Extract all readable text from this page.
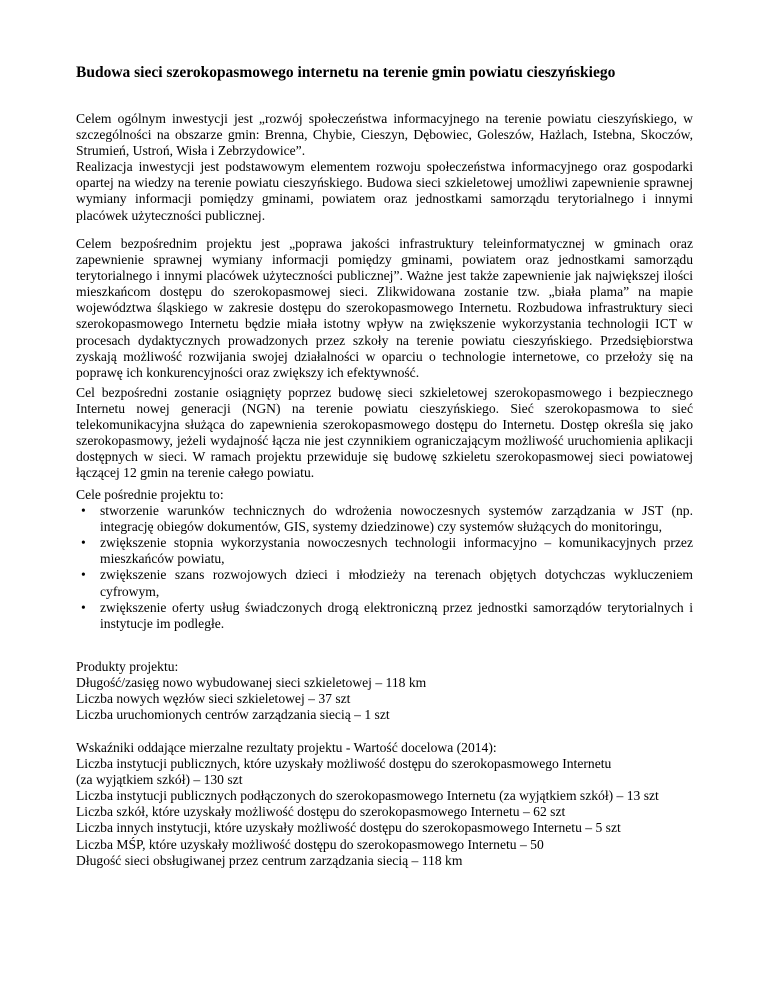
Budowa sieci szerokopasmowego internetu na terenie gmin powiatu cieszyńskiego

Celem ogólnym inwestycji jest „rozwój społeczeństwa informacyjnego na terenie powiatu cieszyńskiego, w szczególności na obszarze gmin: Brenna, Chybie, Cieszyn, Dębowiec, Goleszów, Hażlach, Istebna, Skoczów, Strumień, Ustroń, Wisła i Zebrzydowice”.

Realizacja inwestycji jest podstawowym elementem rozwoju społeczeństwa informacyjnego oraz gospodarki opartej na wiedzy na terenie powiatu cieszyńskiego. Budowa sieci szkieletowej umożliwi zapewnienie sprawnej wymiany informacji pomiędzy gminami, powiatem oraz jednostkami samorządu terytorialnego i innymi placówek użyteczności publicznej.

Celem bezpośrednim projektu jest „poprawa jakości infrastruktury teleinformatycznej w gminach oraz zapewnienie sprawnej wymiany informacji pomiędzy gminami, powiatem oraz jednostkami samorządu terytorialnego i innymi placówek użyteczności publicznej”. Ważne jest także zapewnienie jak największej ilości mieszkańcom dostępu do szerokopasmowej sieci. Zlikwidowana zostanie tzw. „biała plama” na mapie województwa śląskiego w zakresie dostępu do szerokopasmowego Internetu. Rozbudowa infrastruktury sieci szerokopasmowego Internetu będzie miała istotny wpływ na zwiększenie wykorzystania technologii ICT w procesach dydaktycznych prowadzonych przez szkoły na terenie powiatu cieszyńskiego. Przedsiębiorstwa zyskają możliwość rozwijania swojej działalności w oparciu o technologie internetowe, co przełoży się na poprawę ich konkurencyjności oraz zwiększy ich efektywność.

Cel bezpośredni zostanie osiągnięty poprzez budowę sieci szkieletowej szerokopasmowego i bezpiecznego Internetu nowej generacji (NGN) na terenie powiatu cieszyńskiego. Sieć szerokopasmowa to sieć telekomunikacyjna służąca do zapewnienia szerokopasmowego dostępu do Internetu. Dostęp określa się jako szerokopasmowy, jeżeli wydajność łącza nie jest czynnikiem ograniczającym możliwość uruchomienia aplikacji dostępnych w sieci. W ramach projektu przewiduje się budowę szkieletu szerokopasmowej sieci powiatowej łączącej 12 gmin na terenie całego powiatu.

Cele pośrednie projektu to:

• stworzenie warunków technicznych do wdrożenia nowoczesnych systemów zarządzania w JST (np. integrację obiegów dokumentów, GIS, systemy dziedzinowe) czy systemów służących do monitoringu,
• zwiększenie stopnia wykorzystania nowoczesnych technologii informacyjno – komunikacyjnych przez mieszkańców powiatu,
• zwiększenie szans rozwojowych dzieci i młodzieży na terenach objętych dotychczas wykluczeniem cyfrowym,
• zwiększenie oferty usług świadczonych drogą elektroniczną przez jednostki samorządów terytorialnych i instytucje im podległe.
Produkty projektu:
Długość/zasięg nowo wybudowanej sieci szkieletowej – 118 km
Liczba nowych węzłów sieci szkieletowej – 37 szt
Liczba uruchomionych centrów zarządzania siecią – 1 szt
Wskaźniki oddające mierzalne rezultaty projektu - Wartość docelowa (2014):
Liczba instytucji publicznych, które uzyskały możliwość dostępu do szerokopasmowego Internetu
(za wyjątkiem szkół) – 130 szt
Liczba instytucji publicznych podłączonych do szerokopasmowego Internetu (za wyjątkiem szkół) – 13 szt
Liczba szkół, które uzyskały możliwość dostępu do szerokopasmowego Internetu – 62 szt
Liczba innych instytucji, które uzyskały możliwość dostępu do szerokopasmowego Internetu – 5 szt
Liczba MŚP, które uzyskały możliwość dostępu do szerokopasmowego Internetu – 50
Długość sieci obsługiwanej przez centrum zarządzania siecią – 118 km
